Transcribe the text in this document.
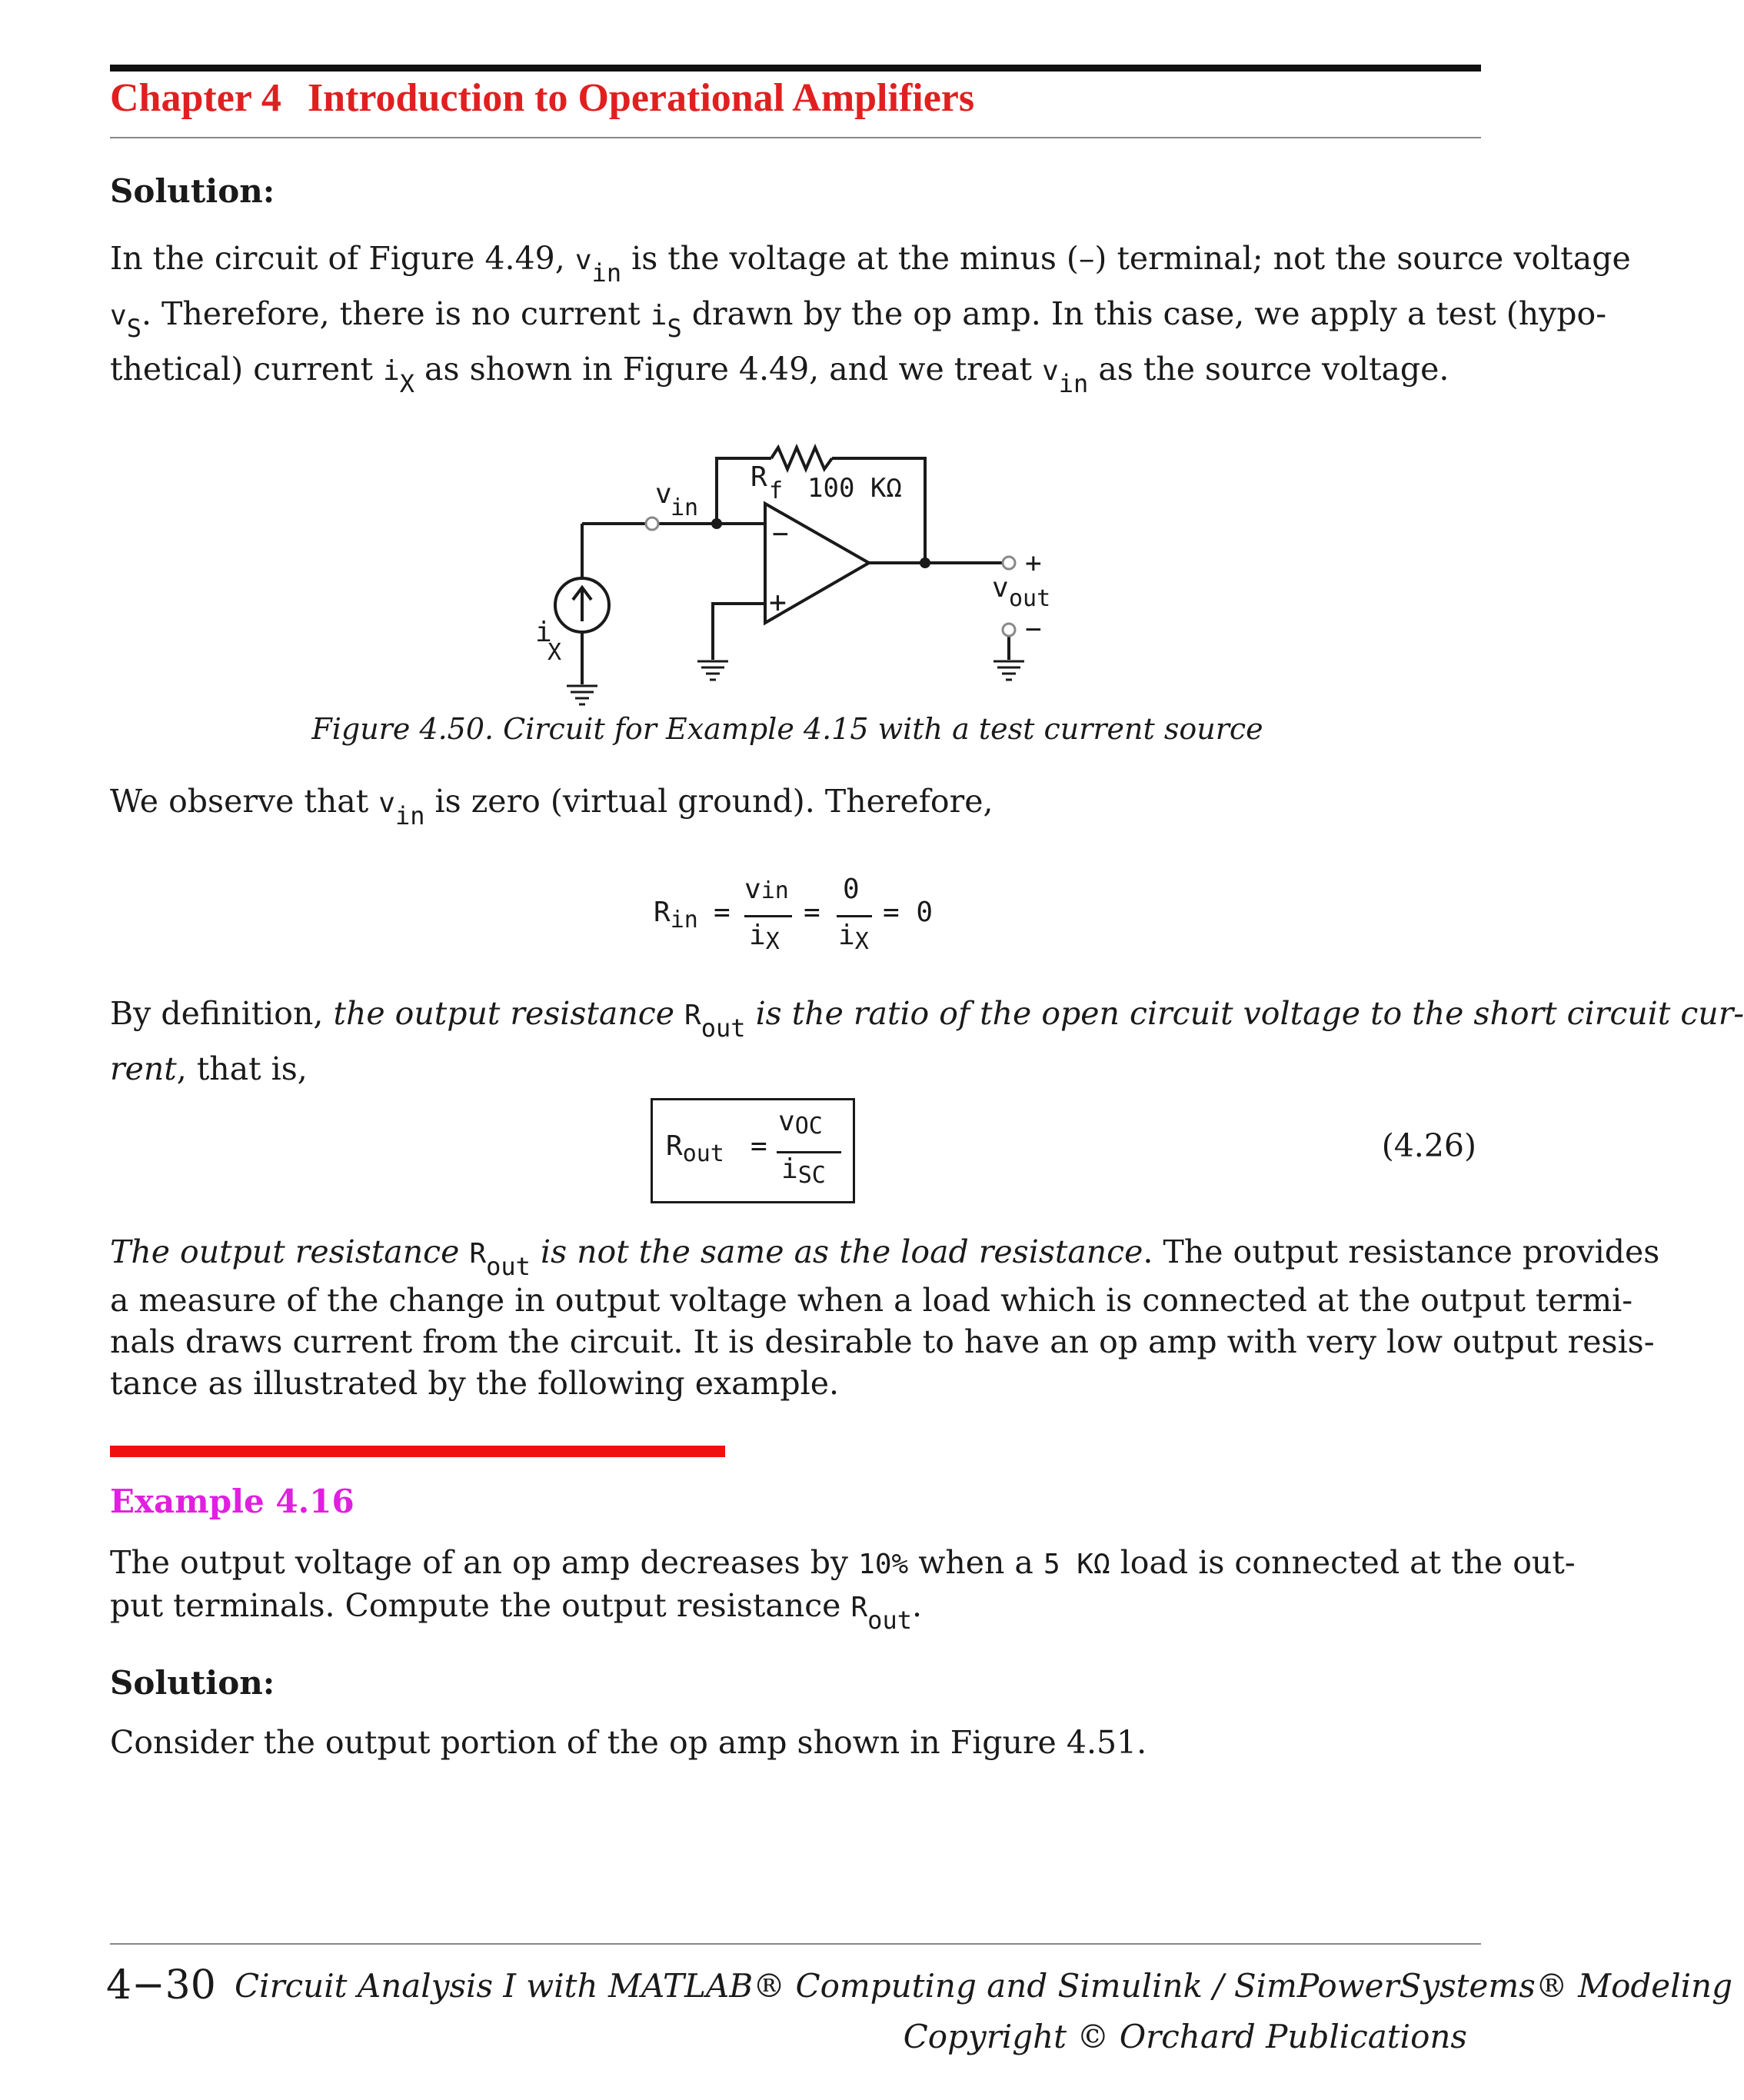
Chapter 4 Introduction to Operational Amplifiers
Solution:
In the circuit of Figure 4.49, $v_{in}$ is the voltage at the minus (–) terminal; not the source voltage
$v_S$. Therefore, there is no current $i_S$ drawn by the op amp. In this case, we apply a test (hypo-
thetical) current $i_X$ as shown in Figure 4.49, and we treat $v_{in}$ as the source voltage.
R f 100 KΩ
v
in
−
+
+
v out
−
i
X
Figure 4.50. Circuit for Example 4.15 with a test current source
We observe that $v_{in}$ is zero (virtual ground). Therefore,
$R_{in}$ =
vin
iX
=
0
iX
= 0
By definition, the output resistance $R_{out}$ is the ratio of the open circuit voltage to the short circuit cur-
rent, that is,
$R_{out}$ =
vOC
iSC
(4.26)
The output resistance $R_{out}$ is not the same as the load resistance. The output resistance provides
a measure of the change in output voltage when a load which is connected at the output termi-
nals draws current from the circuit. It is desirable to have an op amp with very low output resis-
tance as illustrated by the following example.
Example 4.16
The output voltage of an op amp decreases by 10% when a 5 KΩ load is connected at the out-
put terminals. Compute the output resistance $R_{out}$.
Solution:
Consider the output portion of the op amp shown in Figure 4.51.
4−30 Circuit Analysis I with MATLAB® Computing and Simulink / SimPowerSystems® Modeling
Copyright © Orchard Publications
